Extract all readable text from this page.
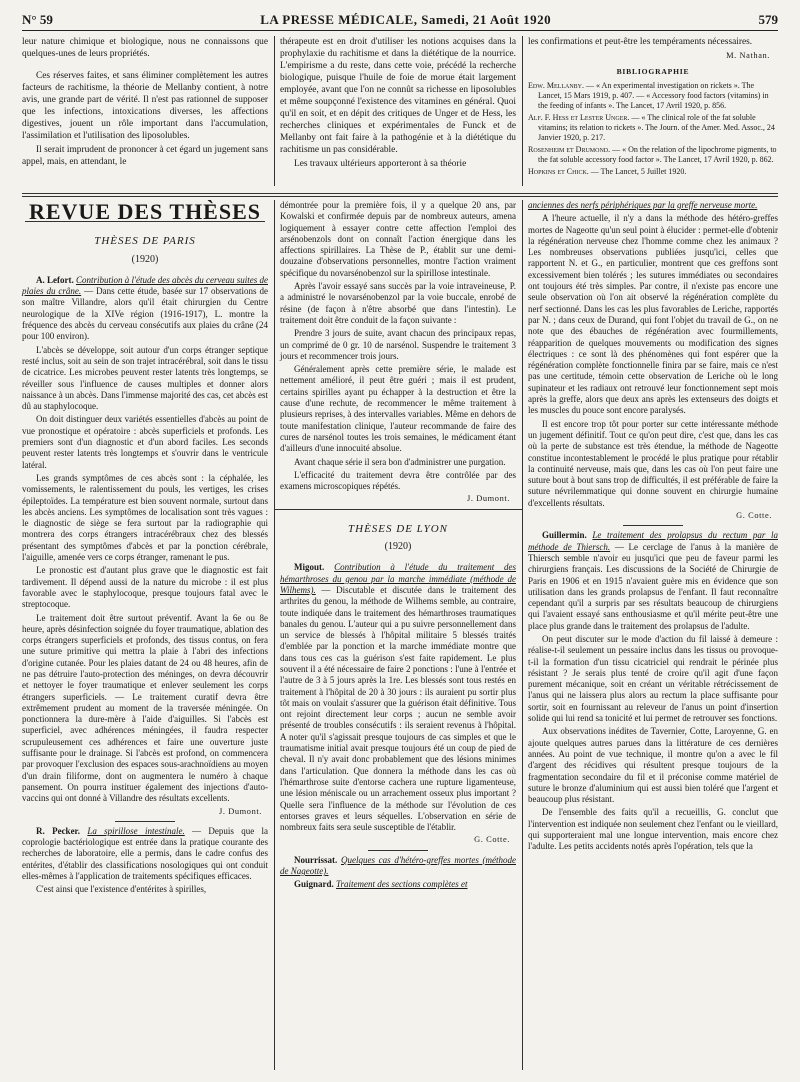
N° 59	LA PRESSE MÉDICALE, Samedi, 21 Août 1920	579

leur nature chimique et biologique, nous ne connaissons que quelques-unes de leurs propriétés.

Ces réserves faites, et sans éliminer complètement les autres facteurs de rachitisme, la théorie de Mellanby contient, à notre avis, une grande part de vérité. Il n'est pas rationnel de supposer que les infections, intoxications diverses, les affections digestives, jouent un rôle important dans l'accumulation, l'assimilation et l'utilisation des liposolubles.

Il serait imprudent de prononcer à cet égard un jugement sans appel, mais, en attendant, le

thérapeute est en droit d'utiliser les notions acquises dans la prophylaxie du rachitisme et dans la diététique de la nourrice. L'empirisme a du reste, dans cette voie, précédé la recherche biologique, puisque l'huile de foie de morue était largement employée, avant que l'on ne connût sa richesse en liposolubles et même soupçonné l'existence des vitamines en général. Quoi qu'il en soit, et en dépit des critiques de Unger et de Hess, les recherches cliniques et expérimentales de Funck et de Mellanby ont fait faire à la pathogénie et à la diététique du rachitisme un pas considérable.

Les travaux ultérieurs apporteront à sa théorie

les confirmations et peut-être les tempéraments nécessaires.

M. Nathan.
BIBLIOGRAPHIE
Edw. Mellanby. — « An experimental investigation on rickets ». The Lancet, 15 Mars 1919, p. 407. — « Accessory food factors (vitamins) in the feeding of infants ». The Lancet, 17 Avril 1920, p. 856.
Alf. F. Hess et Lester Unger. — « The clinical role of the fat soluble vitamins; its relation to rickets ». The Journ. of the Amer. Med. Assoc., 24 Janvier 1920, p. 217.
Rosenheim et Drumond. — « On the relation of the lipochrome pigments, to the fat soluble accessory food factor ». The Lancet, 17 Avril 1920, p. 862.
Hopkins et Chick. — The Lancet, 5 Juillet 1920.
REVUE DES THÈSES
THÈSES DE PARIS
(1920)

A. Lefort. Contribution à l'étude des abcès du cerveau suites de plaies du crâne. — Dans cette étude, basée sur 17 observations de son maître Villandre, alors qu'il était chirurgien du Centre neurologique de la XIVe région (1916-1917), L. montre la fréquence des abcès du cerveau consécutifs aux plaies du crâne (24 pour 100 environ).

L'abcès se développe, soit autour d'un corps étranger septique resté inclus, soit au sein de son trajet intracérébral, soit dans le tissu de cicatrice. Les microbes peuvent rester latents très longtemps, se réveiller sous l'influence de causes multiples et donner alors naissance à un abcès. Dans l'immense majorité des cas, cet abcès est dû au staphylocoque.

On doit distinguer deux variétés essentielles d'abcès au point de vue pronostique et opératoire : abcès superficiels et profonds. Les premiers sont d'un diagnostic et d'un abord faciles. Les seconds peuvent rester latents très longtemps et s'ouvrir dans le ventricule latéral.

Les grands symptômes de ces abcès sont : la céphalée, les vomissements, le ralentissement du pouls, les vertiges, les crises épileptoïdes. La température est bien souvent normale, surtout dans les abcès anciens. Les symptômes de localisation sont très vagues : le diagnostic de siège se fera surtout par la radiographie qui montrera des corps étrangers intracérébraux chez des blessés présentant des symptômes d'abcès et par la ponction cérébrale, l'aiguille, amenée vers ce corps étranger, ramenant le pus.

Le pronostic est d'autant plus grave que le diagnostic est fait tardivement. Il dépend aussi de la nature du microbe : il est plus favorable avec le staphylocoque, presque toujours fatal avec le streptocoque.

Le traitement doit être surtout préventif. Avant la 6e ou 8e heure, après désinfection soignée du foyer traumatique, ablation des corps étrangers superficiels et profonds, des tissus contus, on fera une suture primitive qui mettra la plaie à l'abri des infections d'origine cutanée. Pour les plaies datant de 24 ou 48 heures, afin de ne pas détruire l'auto-protection des méninges, on devra découvrir et nettoyer le foyer traumatique et enlever seulement les corps étrangers superficiels. — Le traitement curatif devra être extrêmement prudent au moment de la traversée méningée. On ponctionnera la dure-mère à l'aide d'aiguilles. Si l'abcès est superficiel, avec adhérences méningées, il faudra respecter scrupuleusement ces adhérences et faire une ouverture juste suffisante pour le drainage. Si l'abcès est profond, on commencera par provoquer l'exclusion des espaces sous-arachnoïdiens au moyen d'un drain filiforme, dont on augmentera le numéro à chaque pansement. On pourra instituer également des injections d'auto-vaccins qui ont donné à Villandre des résultats excellents.

J. Dumont.

R. Pecker. La spirillose intestinale. — Depuis que la coprologie bactériologique est entrée dans la pratique courante des recherches de laboratoire, elle a permis, dans le cadre confus des entérites, d'établir des classifications nosologiques qui ont conduit elles-mêmes à l'application de traitements spécifiques efficaces.

C'est ainsi que l'existence d'entérites à spirilles,

démontrée pour la première fois, il y a quelque 20 ans, par Kowalski et confirmée depuis par de nombreux auteurs, amena logiquement à essayer contre cette affection l'emploi des arsénobenzols dont on connaît l'action énergique dans les affections spirillaires. La Thèse de P., établit sur une demi-douzaine d'observations personnelles, montre l'action vraiment spécifique du novarsénobenzol sur la spirillose intestinale.

Après l'avoir essayé sans succès par la voie intraveineuse, P. a administré le novarsénobenzol par la voie buccale, enrobé de résine (de façon à n'être absorbé que dans l'intestin). Le traitement doit être conduit de la façon suivante :

Prendre 3 jours de suite, avant chacun des principaux repas, un comprimé de 0 gr. 10 de narsénol. Suspendre le traitement 3 jours et recommencer trois jours.

Généralement après cette première série, le malade est nettement amélioré, il peut être guéri ; mais il est prudent, certains spirilles ayant pu échapper à la destruction et être la cause d'une rechute, de recommencer le même traitement à plusieurs reprises, à des intervalles variables. Même en dehors de toute manifestation clinique, l'auteur recommande de faire des cures de narsénol toutes les trois semaines, le médicament étant d'ailleurs d'une innocuité absolue.

Avant chaque série il sera bon d'administrer une purgation.

L'efficacité du traitement devra être contrôlée par des examens microscopiques répétés.

J. Dumont.
THÈSES DE LYON
(1920)

Migout. Contribution à l'étude du traitement des hémarthroses du genou par la marche immédiate (méthode de Wilhems). — Discutable et discutée dans le traitement des arthrites du genou, la méthode de Wilhems semble, au contraire, toute indiquée dans le traitement des hémarthroses traumatiques banales du genou. L'auteur qui a pu suivre personnellement dans un service de blessés à l'hôpital militaire 5 blessés traités d'emblée par la ponction et la marche immédiate montre que dans tous ces cas la guérison s'est faite rapidement. Le plus souvent il a été nécessaire de faire 2 ponctions : l'une à l'entrée et l'autre de 3 à 5 jours après la 1re. Les blessés sont tous restés en traitement à l'hôpital de 20 à 30 jours : ils auraient pu sortir plus tôt mais on voulait s'assurer que la guérison était définitive. Tous ont rejoint directement leur corps ; aucun ne semble avoir présenté de troubles consécutifs : ils seraient revenus à l'hôpital. A noter qu'il s'agissait presque toujours de cas simples et que le traumatisme initial avait presque toujours été un coup de pied de cheval. Il n'y avait donc probablement que des lésions minimes dans l'articulation. Que donnera la méthode dans les cas où l'hémarthrose suite d'entorse cachera une rupture ligamenteuse, une lésion méniscale ou un arrachement osseux plus important ? Quelle sera l'influence de la méthode sur l'évolution de ces entorses graves et leurs séquelles. L'observation en série de nombreux faits sera seule susceptible de l'établir.

G. Cotte.

Nourrissat. Quelques cas d'hétéro-greffes mortes (méthode de Nageotte).

Guignard. Traitement des sections complètes et

anciennes des nerfs périphériques par la greffe nerveuse morte.

A l'heure actuelle, il n'y a dans la méthode des hétéro-greffes mortes de Nageotte qu'un seul point à élucider : permet-elle d'obtenir la régénération nerveuse chez l'homme comme chez les animaux ? Les nombreuses observations publiées jusqu'ici, celles que rapportent N. et G., en particulier, montrent que ces greffons sont excessivement bien tolérés ; les sutures immédiates ou secondaires ont toujours été très simples. Par contre, il n'existe pas encore une seule observation où l'on ait observé la régénération complète du nerf sectionné. Dans les cas les plus favorables de Leriche, rapportés par N. ; dans ceux de Durand, qui font l'objet du travail de G., on ne note que des ébauches de régénération avec fourmillements, réapparition de quelques mouvements ou modification des signes électriques : ce sont là des phénomènes qui font espérer que la régénération complète fonctionnelle finira par se faire, mais ce n'est pas une certitude, témoin cette observation de Leriche où le long supinateur et les radiaux ont retrouvé leur fonctionnement sept mois après la greffe, alors que deux ans après les extenseurs des doigts et les muscles du pouce sont encore paralysés.

Il est encore trop tôt pour porter sur cette intéressante méthode un jugement définitif. Tout ce qu'on peut dire, c'est que, dans les cas où la perte de substance est très étendue, la méthode de Nageotte constitue incontestablement le procédé le plus pratique pour rétablir la continuité nerveuse, mais que, dans les cas où l'on peut faire une suture bout à bout sans trop de difficultés, il est préférable de faire la suture névrilemmatique qui donne souvent en chirurgie humaine d'excellents résultats.

G. Cotte.

Guillermin. Le traitement des prolapsus du rectum par la méthode de Thiersch. — Le cerclage de l'anus à la manière de Thiersch semble n'avoir eu jusqu'ici que peu de faveur parmi les chirurgiens français. Les discussions de la Société de Chirurgie de Paris en 1906 et en 1915 n'avaient guère mis en évidence que son utilisation dans les grands prolapsus de l'enfant. Il faut reconnaître cependant qu'il a surpris par ses résultats beaucoup de chirurgiens qui l'avaient essayé sans enthousiasme et qu'il mérite peut-être une place plus grande dans le traitement des prolapsus de l'adulte.

On peut discuter sur le mode d'action du fil laissé à demeure : réalise-t-il seulement un pessaire inclus dans les tissus ou provoque-t-il la formation d'un tissu cicatriciel qui rendrait le périnée plus résistant ? Je serais plus tenté de croire qu'il agit d'une façon purement mécanique, soit en créant un véritable rétrécissement de l'anus qui ne laissera plus alors au rectum la place suffisante pour sortir, soit en fournissant au releveur de l'anus un point d'insertion solide qui lui rend sa tonicité et lui permet de retrouver ses fonctions.

Aux observations inédites de Tavernier, Cotte, Laroyenne, G. en ajoute quelques autres parues dans la littérature de ces dernières années. Au point de vue technique, il montre qu'on a avec le fil d'argent des récidives qui résultent presque toujours de la fragmentation secondaire du fil et il préconise comme matériel de suture le bronze d'aluminium qui est aussi bien toléré que l'argent et beaucoup plus résistant.

De l'ensemble des faits qu'il a recueillis, G. conclut que l'intervention est indiquée non seulement chez l'enfant ou le vieillard, qui supporteraient mal une longue intervention, mais encore chez l'adulte. Les petits accidents notés après l'opération, tels que la
